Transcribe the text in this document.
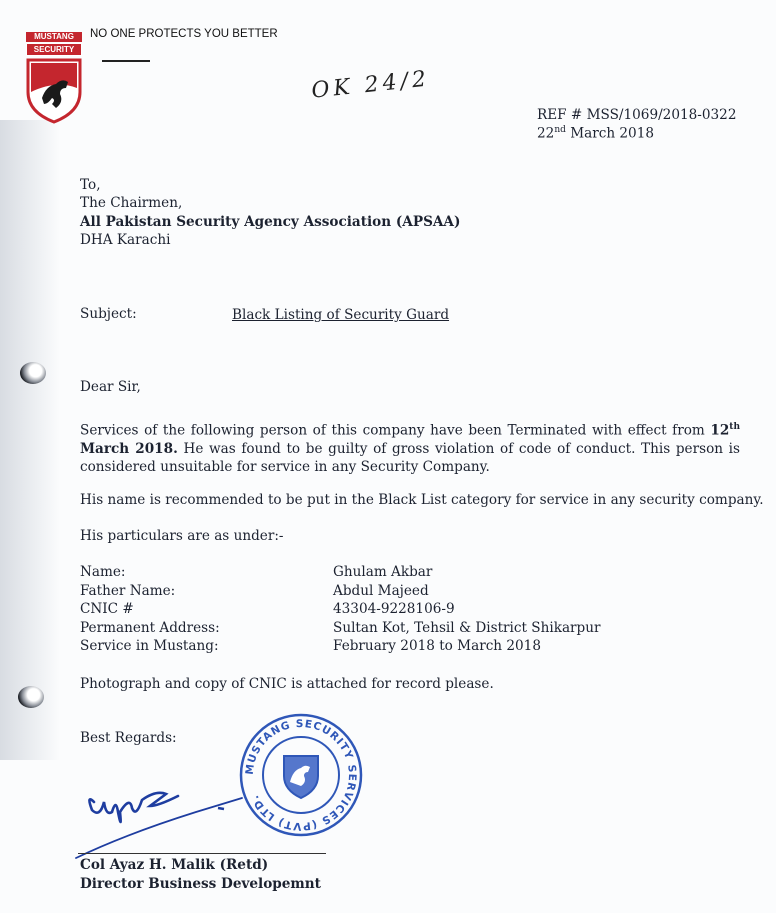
MUSTANG
SECURITY
NO ONE PROTECTS YOU BETTER
OK 24/2
REF # MSS/1069/2018-0322
22nd March 2018
To,
The Chairmen,
All Pakistan Security Agency Association (APSAA)
DHA Karachi
Subject:	Black Listing of Security Guard
Dear Sir,
Services of the following person of this company have been Terminated with effect from 12th March 2018. He was found to be guilty of gross violation of code of conduct. This person is considered unsuitable for service in any Security Company.
His name is recommended to be put in the Black List category for service in any security company.
His particulars are as under:-
Name:	Ghulam Akbar
Father Name:	Abdul Majeed
CNIC #	43304-9228106-9
Permanent Address:	Sultan Kot, Tehsil & District Shikarpur
Service in Mustang:	February 2018 to March 2018
Photograph and copy of CNIC is attached for record please.
Best Regards:
MUSTANG SECURITY SERVICES (PVT) LTD.
Col Ayaz H. Malik (Retd)
Director Business Developemnt
